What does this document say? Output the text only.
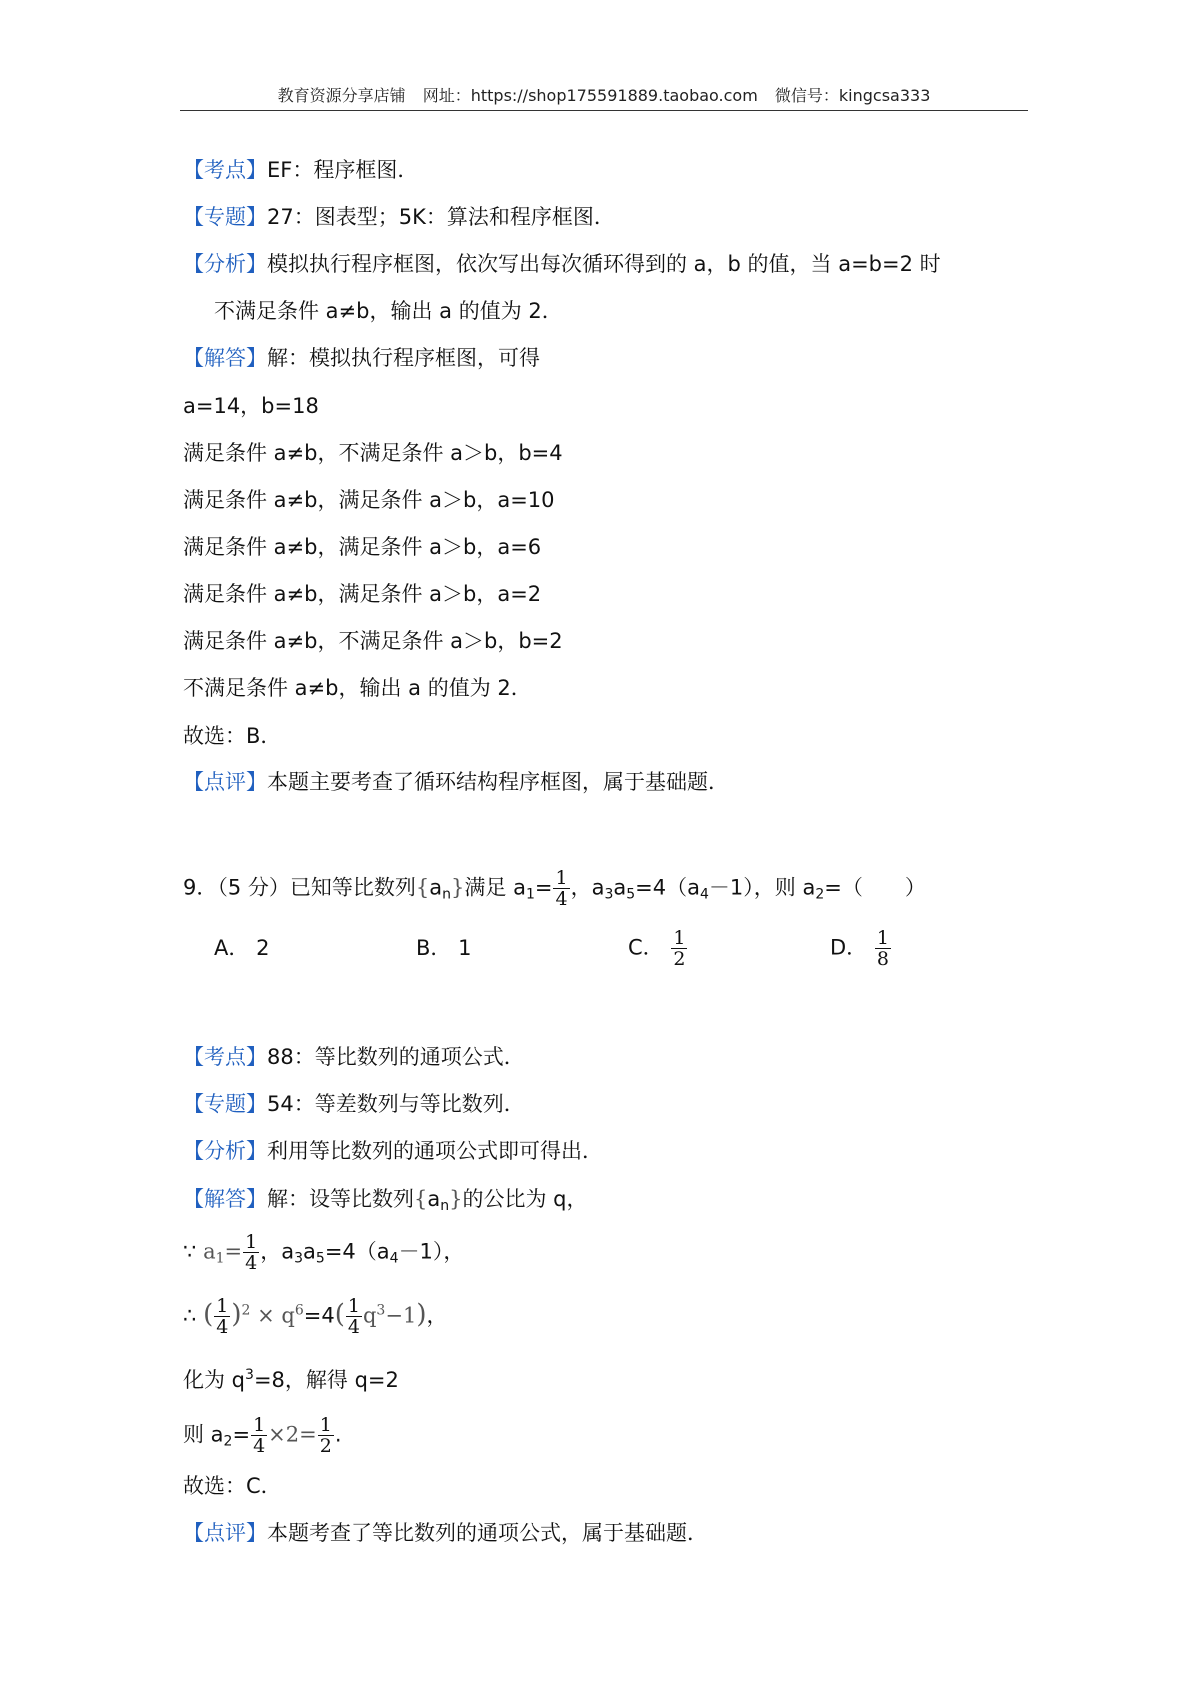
教育资源分享店铺 网址：https://shop175591889.taobao.com 微信号：kingcsa333
【考点】EF：程序框图．
【专题】27：图表型；5K：算法和程序框图．
【分析】模拟执行程序框图，依次写出每次循环得到的 a，b 的值，当 a=b=2 时
不满足条件 a≠b，输出 a 的值为 2．
【解答】解：模拟执行程序框图，可得
a=14，b=18
满足条件 a≠b，不满足条件 a＞b，b=4
满足条件 a≠b，满足条件 a＞b，a=10
满足条件 a≠b，满足条件 a＞b，a=6
满足条件 a≠b，满足条件 a＞b，a=2
满足条件 a≠b，不满足条件 a＞b，b=2
不满足条件 a≠b，输出 a 的值为 2．
故选：B．
【点评】本题主要考查了循环结构程序框图，属于基础题．
9．（5 分）已知等比数列$\{a_n\}$满足 $a_1= \frac{1}{4}$ ，$a_3a_5=4(a_4-1)$，则 $a_2=$（　　）
A． 2	B． 1	C． $\frac{1}{2}$	D． $\frac{1}{8}$
【考点】88：等比数列的通项公式．
【专题】54：等差数列与等比数列．
【分析】利用等比数列的通项公式即可得出．
【解答】解：设等比数列$\{a_n\}$的公比为 q，
∵ $a_1= \frac{1}{4}$ ，$a_3a_5=4(a_4-1)$，
∴ ( $\frac{1}{4} )^2 \times q^6=4( \frac{1}{4} q^3-1)$，
化为 $q^3=8$，解得 q=2
则 $a_2= \frac{1}{4} \times 2= \frac{1}{2}$ .
故选：C．
【点评】本题考查了等比数列的通项公式，属于基础题．
